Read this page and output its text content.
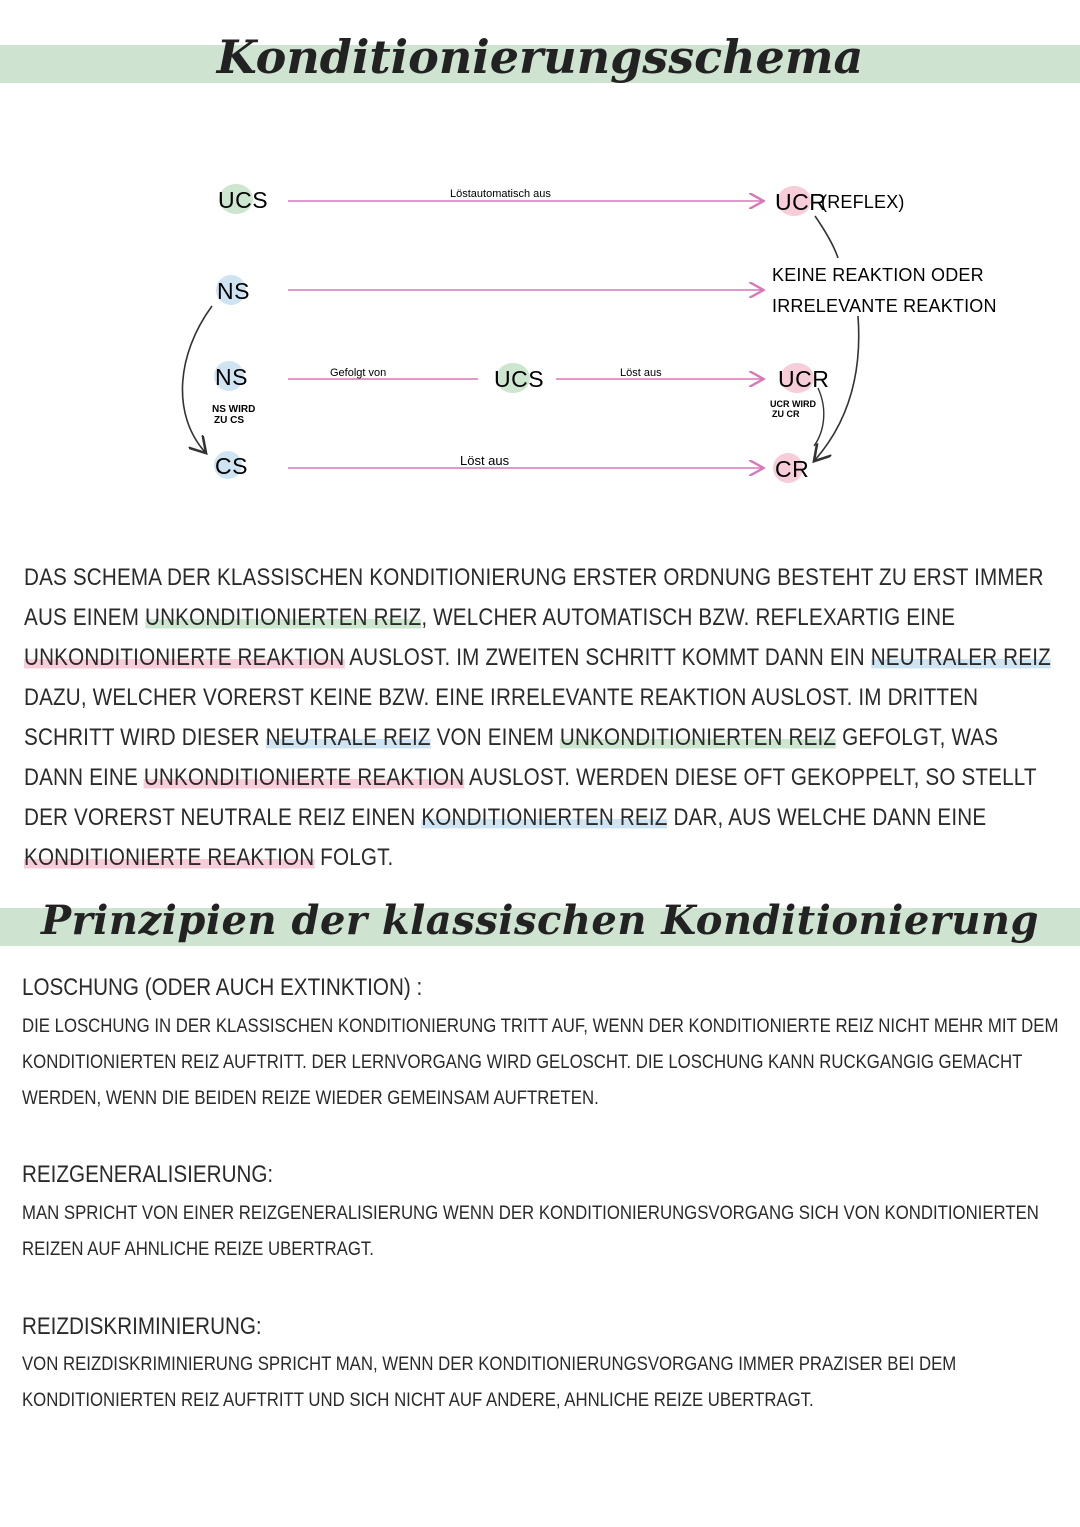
Konditionierungsschema
UCS
NS
NS
CS
UCS
UCR
(REFLEX)
UCR
CR
KEINE REAKTION ODER
IRRELEVANTE REAKTION
Löstautomatisch aus
Gefolgt von	Löst aus
Löst aus
NS WIRD
ZU CS
UCR WIRD
ZU CR
DAS SCHEMA DER KLASSISCHEN KONDITIONIERUNG ERSTER ORDNUNG BESTEHT ZU ERST IMMER AUS EINEM UNKONDITIONIERTEN REIZ, WELCHER AUTOMATISCH BZW. REFLEXARTIG EINE UNKONDITIONIERTE REAKTION AUSLOST. IM ZWEITEN SCHRITT KOMMT DANN EIN NEUTRALER REIZ DAZU, WELCHER VORERST KEINE BZW. EINE IRRELEVANTE REAKTION AUSLOST. IM DRITTEN SCHRITT WIRD DIESER NEUTRALE REIZ VON EINEM UNKONDITIONIERTEN REIZ GEFOLGT, WAS DANN EINE UNKONDITIONIERTE REAKTION AUSLOST. WERDEN DIESE OFT GEKOPPELT, SO STELLT DER VORERST NEUTRALE REIZ EINEN KONDITIONIERTEN REIZ DAR, AUS WELCHE DANN EINE KONDITIONIERTE REAKTION FOLGT.
Prinzipien der klassischen Konditionierung
LOSCHUNG (ODER AUCH EXTINKTION) :
DIE LOSCHUNG IN DER KLASSISCHEN KONDITIONIERUNG TRITT AUF, WENN DER KONDITIONIERTE REIZ NICHT MEHR MIT DEM KONDITIONIERTEN REIZ AUFTRITT. DER LERNVORGANG WIRD GELOSCHT. DIE LOSCHUNG KANN RUCKGANGIG GEMACHT WERDEN, WENN DIE BEIDEN REIZE WIEDER GEMEINSAM AUFTRETEN.
REIZGENERALISIERUNG:
MAN SPRICHT VON EINER REIZGENERALISIERUNG WENN DER KONDITIONIERUNGSVORGANG SICH VON KONDITIONIERTEN REIZEN AUF AHNLICHE REIZE UBERTRAGT.
REIZDISKRIMINIERUNG:
VON REIZDISKRIMINIERUNG SPRICHT MAN, WENN DER KONDITIONIERUNGSVORGANG IMMER PRAZISER BEI DEM KONDITIONIERTEN REIZ AUFTRITT UND SICH NICHT AUF ANDERE, AHNLICHE REIZE UBERTRAGT.
